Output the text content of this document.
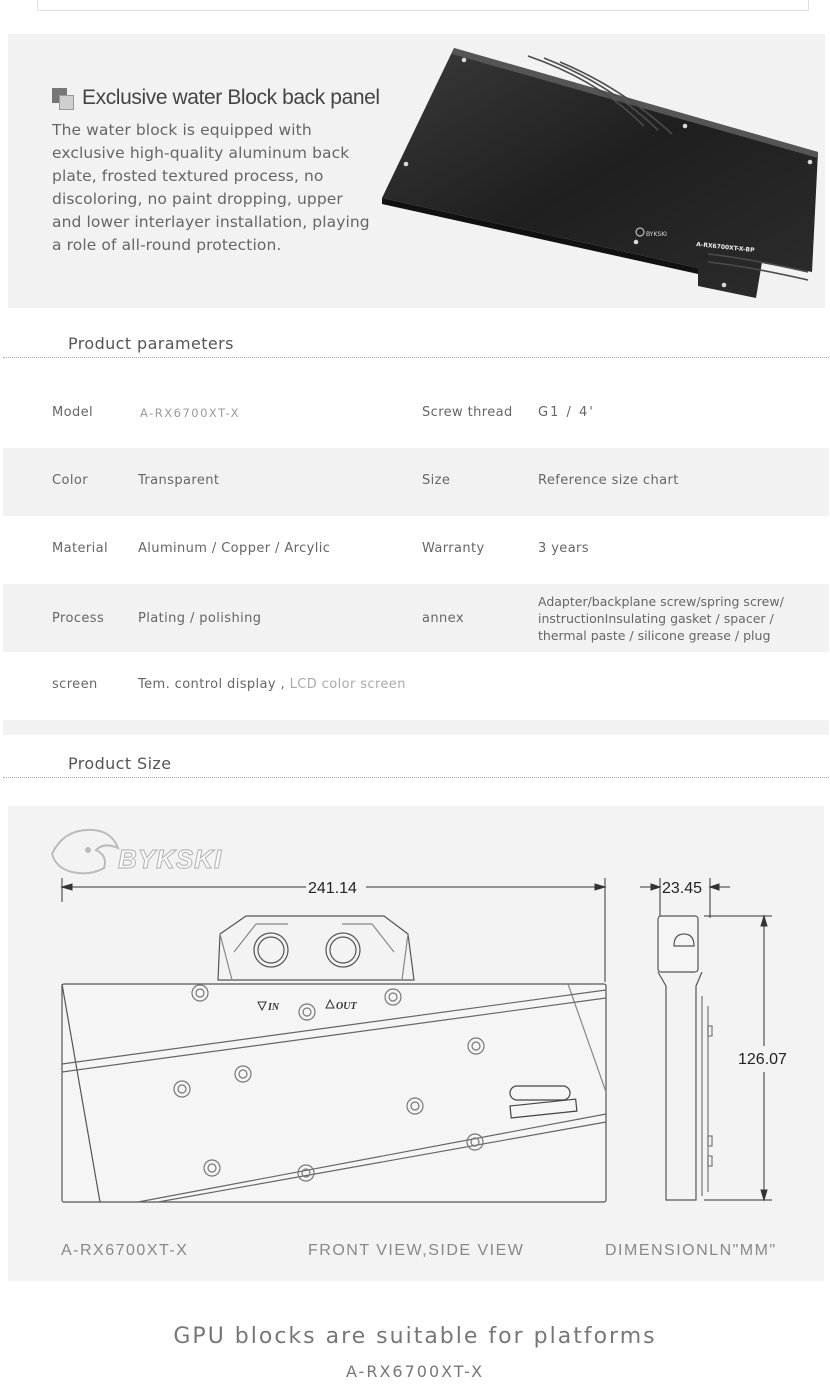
Exclusive water Block back panel
The water block is equipped with exclusive high-quality aluminum back plate, frosted textured process, no discoloring, no paint dropping, upper and lower interlayer installation, playing a role of all-round protection.
BYKSKI
A-RX6700XT-X-BP
Product parameters
Model	A-RX6700XT-X	Screw thread G1 / 4'
Color	Transparent	Size	Reference size chart
Material Aluminum / Copper / Arcylic	Warranty	3 years
Process	Plating / polishing	annex
Adapter/backplane screw/spring screw/ instructionInsulating gasket / spacer / thermal paste / silicone grease / plug
screen	Tem. control display , LCD color screen
Product Size
BYKSKI
241.14	23.45
126.07
IN	OUT
A-RX6700XT-X	FRONT VIEW,SIDE VIEW	DIMENSIONLN"MM"
GPU blocks are suitable for platforms
A-RX6700XT-X
